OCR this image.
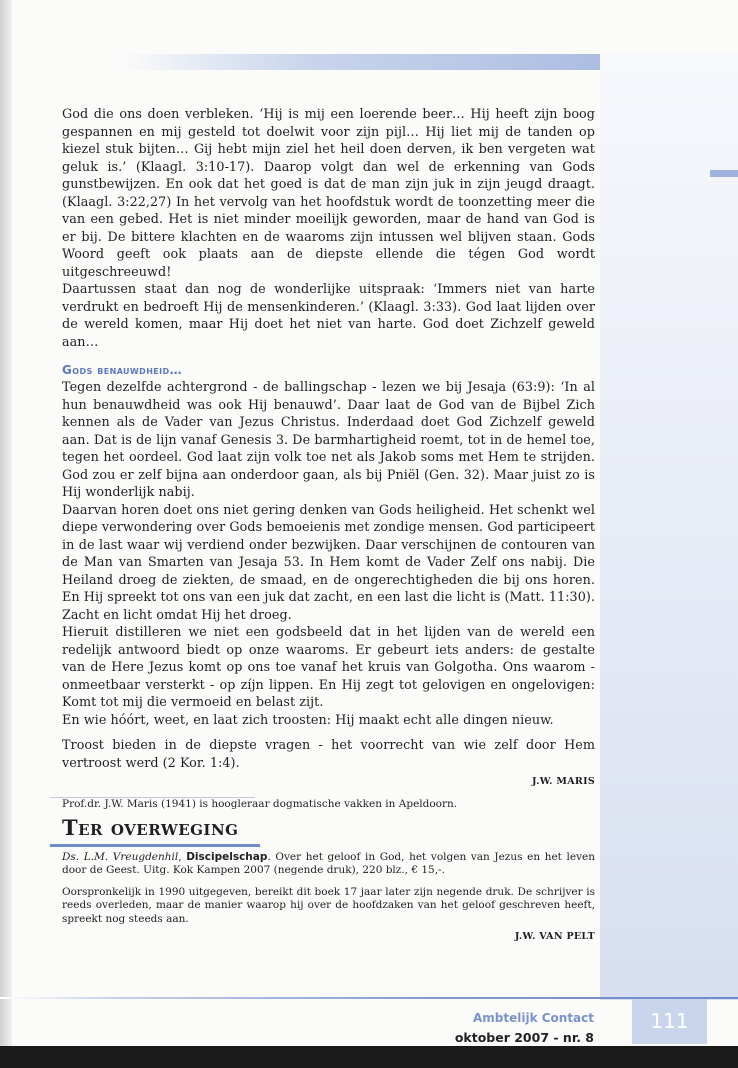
God die ons doen verbleken. ‘Hij is mij een loerende beer… Hij heeft zijn boog gespannen en mij gesteld tot doelwit voor zijn pijl… Hij liet mij de tanden op kiezel stuk bijten… Gij hebt mijn ziel het heil doen derven, ik ben vergeten wat geluk is.’ (Klaagl. 3:10-17). Daarop volgt dan wel de erkenning van Gods gunstbewijzen. En ook dat het goed is dat de man zijn juk in zijn jeugd draagt. (Klaagl. 3:22,27) In het vervolg van het hoofdstuk wordt de toonzetting meer die van een gebed. Het is niet minder moeilijk geworden, maar de hand van God is er bij. De bittere klachten en de waaroms zijn intussen wel blijven staan. Gods Woord geeft ook plaats aan de diepste ellende die tégen God wordt uitgeschreeuwd!

Daartussen staat dan nog de wonderlijke uitspraak: ‘Immers niet van harte verdrukt en bedroeft Hij de mensenkinderen.’ (Klaagl. 3:33). God laat lijden over de wereld komen, maar Hij doet het niet van harte. God doet Zichzelf geweld aan…

Gods benauwdheid…

Tegen dezelfde achtergrond - de ballingschap - lezen we bij Jesaja (63:9): ‘In al hun benauwdheid was ook Hij benauwd’. Daar laat de God van de Bijbel Zich kennen als de Vader van Jezus Christus. Inderdaad doet God Zichzelf geweld aan. Dat is de lijn vanaf Genesis 3. De barmhartigheid roemt, tot in de hemel toe, tegen het oordeel. God laat zijn volk toe net als Jakob soms met Hem te strijden. God zou er zelf bijna aan onderdoor gaan, als bij Pniël (Gen. 32). Maar juist zo is Hij wonderlijk nabij.

Daarvan horen doet ons niet gering denken van Gods heiligheid. Het schenkt wel diepe verwondering over Gods bemoeienis met zondige mensen. God participeert in de last waar wij verdiend onder bezwijken. Daar verschijnen de contouren van de Man van Smarten van Jesaja 53. In Hem komt de Vader Zelf ons nabij. Die Heiland droeg de ziekten, de smaad, en de ongerechtigheden die bij ons horen. En Hij spreekt tot ons van een juk dat zacht, en een last die licht is (Matt. 11:30). Zacht en licht omdat Hij het droeg.

Hieruit distilleren we niet een godsbeeld dat in het lijden van de wereld een redelijk antwoord biedt op onze waaroms. Er gebeurt iets anders: de gestalte van de Here Jezus komt op ons toe vanaf het kruis van Golgotha. Ons waarom - onmeetbaar versterkt - op zíjn lippen. En Hij zegt tot gelovigen en ongelovigen: Komt tot mij die vermoeid en belast zijt.

En wie hóórt, weet, en laat zich troosten: Hij maakt echt alle dingen nieuw.

Troost bieden in de diepste vragen - het voorrecht van wie zelf door Hem vertroost werd (2 Kor. 1:4).

J.W. MARIS
Prof.dr. J.W. Maris (1941) is hoogleraar dogmatische vakken in Apeldoorn.
Ter overweging

Ds. L.M. Vreugdenhil, Discipelschap. Over het geloof in God, het volgen van Jezus en het leven door de Geest. Uitg. Kok Kampen 2007 (negende druk), 220 blz., € 15,-.

Oorspronkelijk in 1990 uitgegeven, bereikt dit boek 17 jaar later zijn negende druk. De schrijver is reeds overleden, maar de manier waarop hij over de hoofdzaken van het geloof geschreven heeft, spreekt nog steeds aan.

J.W. VAN PELT
Ambtelijk Contact
oktober 2007 - nr. 8
111
